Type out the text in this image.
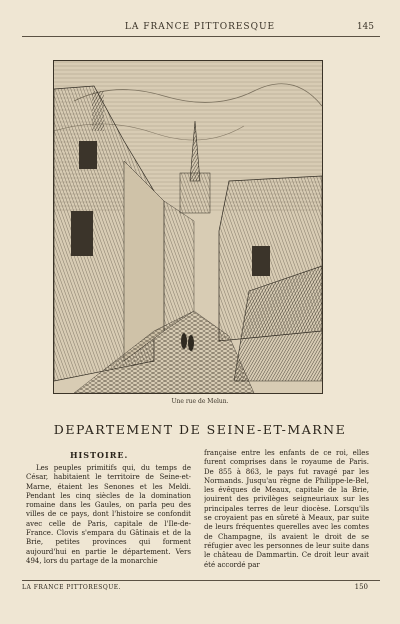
LA FRANCE PITTORESQUE	145
Une rue de Melun.
DEPARTEMENT DE SEINE-ET-MARNE
HISTOIRE.

Les peuples primitifs qui, du temps de César, habitaient le territoire de Seine-et-Marne, étaient les Senones et les Meldi. Pendant les cinq siècles de la domination romaine dans les Gaules, on parla peu des villes de ce pays, dont l'histoire se confondit avec celle de Paris, capitale de l'Ile-de-France. Clovis s'empara du Gâtinais et de la Brie, petites provinces qui forment aujourd'hui en partie le département. Vers 494, lors du partage de la monarchie

française entre les enfants de ce roi, elles furent comprises dans le royaume de Paris. De 855 à 863, le pays fut ravagé par les Normands. Jusqu'au règne de Philippe-le-Bel, les évêques de Meaux, capitale de la Brie, jouirent des privilèges seigneuriaux sur les principales terres de leur diocèse. Lorsqu'ils se croyaient pas en sûreté à Meaux, par suite de leurs fréquentes querelles avec les comtes de Champagne, ils avaient le droit de se réfugier avec les personnes de leur suite dans le château de Dammartin. Ce droit leur avait été accordé par

LA FRANCE PITTORESQUE.	150
